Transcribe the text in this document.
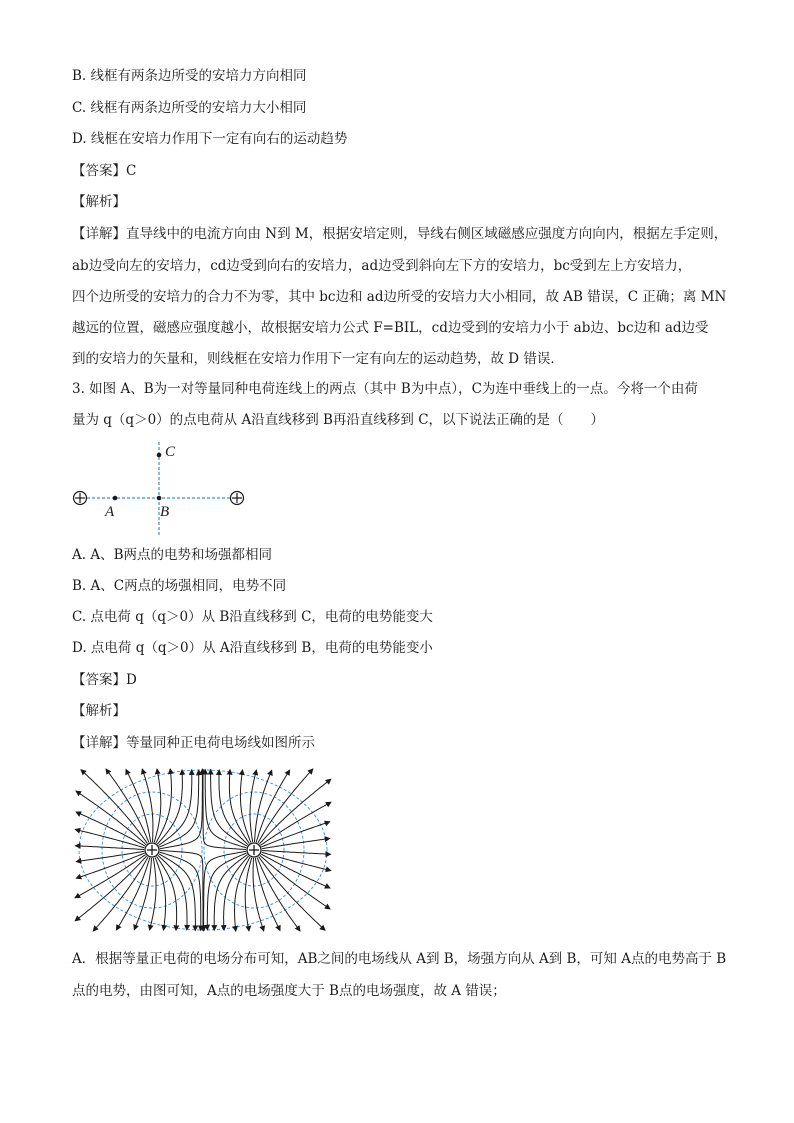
B. 线框有两条边所受的安培力方向相同
C. 线框有两条边所受的安培力大小相同
D. 线框在安培力作用下一定有向右的运动趋势
【答案】C
【解析】
【详解】直导线中的电流方向由 N到 M，根据安培定则，导线右侧区域磁感应强度方向向内，根据左手定则，
ab边受向左的安培力，cd边受到向右的安培力，ad边受到斜向左下方的安培力，bc受到左上方安培力，
四个边所受的安培力的合力不为零，其中 bc边和 ad边所受的安培力大小相同，故 AB 错误，C 正确；离 MN
越远的位置，磁感应强度越小，故根据安培力公式 F=BIL，cd边受到的安培力小于 ab边、bc边和 ad边受
到的安培力的矢量和，则线框在安培力作用下一定有向左的运动趋势，故 D 错误．
3. 如图 A、B为一对等量同种电荷连线上的两点（其中 B为中点），C为连中垂线上的一点。今将一个由荷
量为 q（q＞0）的点电荷从 A沿直线移到 B再沿直线移到 C，以下说法正确的是（　　）
A	B
C
A. A、B两点的电势和场强都相同
B. A、C两点的场强相同，电势不同
C. 点电荷 q（q＞0）从 B沿直线移到 C，电荷的电势能变大
D. 点电荷 q（q＞0）从 A沿直线移到 B，电荷的电势能变小
【答案】D
【解析】
【详解】等量同种正电荷电场线如图所示
A．根据等量正电荷的电场分布可知，AB之间的电场线从 A到 B，场强方向从 A到 B，可知 A点的电势高于 B
点的电势，由图可知，A点的电场强度大于 B点的电场强度，故 A 错误；
